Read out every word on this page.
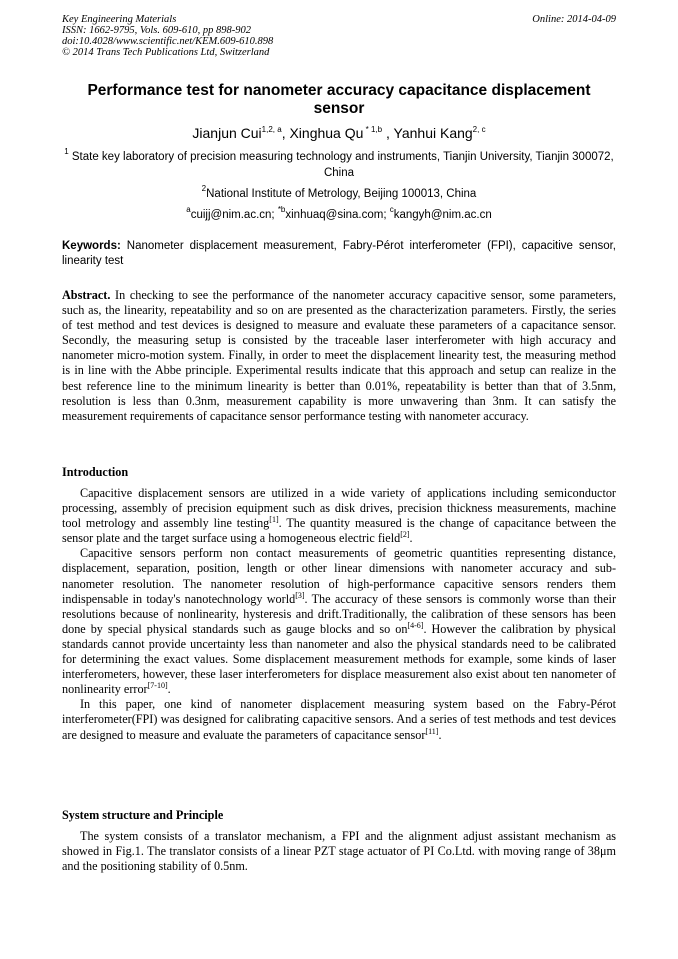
Key Engineering Materials
ISSN: 1662-9795, Vols. 609-610, pp 898-902
doi:10.4028/www.scientific.net/KEM.609-610.898
© 2014 Trans Tech Publications Ltd, Switzerland
Online: 2014-04-09
Performance test for nanometer accuracy capacitance displacement sensor
Jianjun Cui$^{1,2, a}$, Xinghua Qu $^{* 1,b}$ , Yanhui Kang$^{2, c}$
$^1$ State key laboratory of precision measuring technology and instruments, Tianjin University, Tianjin 300072, China
$^2$National Institute of Metrology, Beijing 100013, China
$^a$cuijj@nim.ac.cn; $^{*b}$xinhuaq@sina.com; $^c$kangyh@nim.ac.cn
Keywords: Nanometer displacement measurement, Fabry-Pérot interferometer (FPI), capacitive sensor, linearity test
Abstract. In checking to see the performance of the nanometer accuracy capacitive sensor, some parameters, such as, the linearity, repeatability and so on are presented as the characterization parameters. Firstly, the series of test method and test devices is designed to measure and evaluate these parameters of a capacitance sensor. Secondly, the measuring setup is consisted by the traceable laser interferometer with high accuracy and nanometer micro-motion system. Finally, in order to meet the displacement linearity test, the measuring method is in line with the Abbe principle. Experimental results indicate that this approach and setup can realize in the best reference line to the minimum linearity is better than 0.01%, repeatability is better than that of 3.5nm, resolution is less than 0.3nm, measurement capability is more unwavering than 3nm. It can satisfy the measurement requirements of capacitance sensor performance testing with nanometer accuracy.
Introduction

Capacitive displacement sensors are utilized in a wide variety of applications including semiconductor processing, assembly of precision equipment such as disk drives, precision thickness measurements, machine tool metrology and assembly line testing[1]. The quantity measured is the change of capacitance between the sensor plate and the target surface using a homogeneous electric field[2].

Capacitive sensors perform non contact measurements of geometric quantities representing distance, displacement, separation, position, length or other linear dimensions with nanometer accuracy and sub-nanometer resolution. The nanometer resolution of high-performance capacitive sensors renders them indispensable in today's nanotechnology world[3]. The accuracy of these sensors is commonly worse than their resolutions because of nonlinearity, hysteresis and drift.Traditionally, the calibration of these sensors has been done by special physical standards such as gauge blocks and so on[4-6]. However the calibration by physical standards cannot provide uncertainty less than nanometer and also the physical standards need to be calibrated for determining the exact values. Some displacement measurement methods for example, some kinds of laser interferometers, however, these laser interferometers for displace measurement also exist about ten nanometer of nonlinearity error[7-10].

In this paper, one kind of nanometer displacement measuring system based on the Fabry-Pérot interferometer(FPI) was designed for calibrating capacitive sensors. And a series of test methods and test devices are designed to measure and evaluate the parameters of capacitance sensor[11].

System structure and Principle

The system consists of a translator mechanism, a FPI and the alignment adjust assistant mechanism as showed in Fig.1. The translator consists of a linear PZT stage actuator of PI Co.Ltd. with moving range of 38μm and the positioning stability of 0.5nm.
